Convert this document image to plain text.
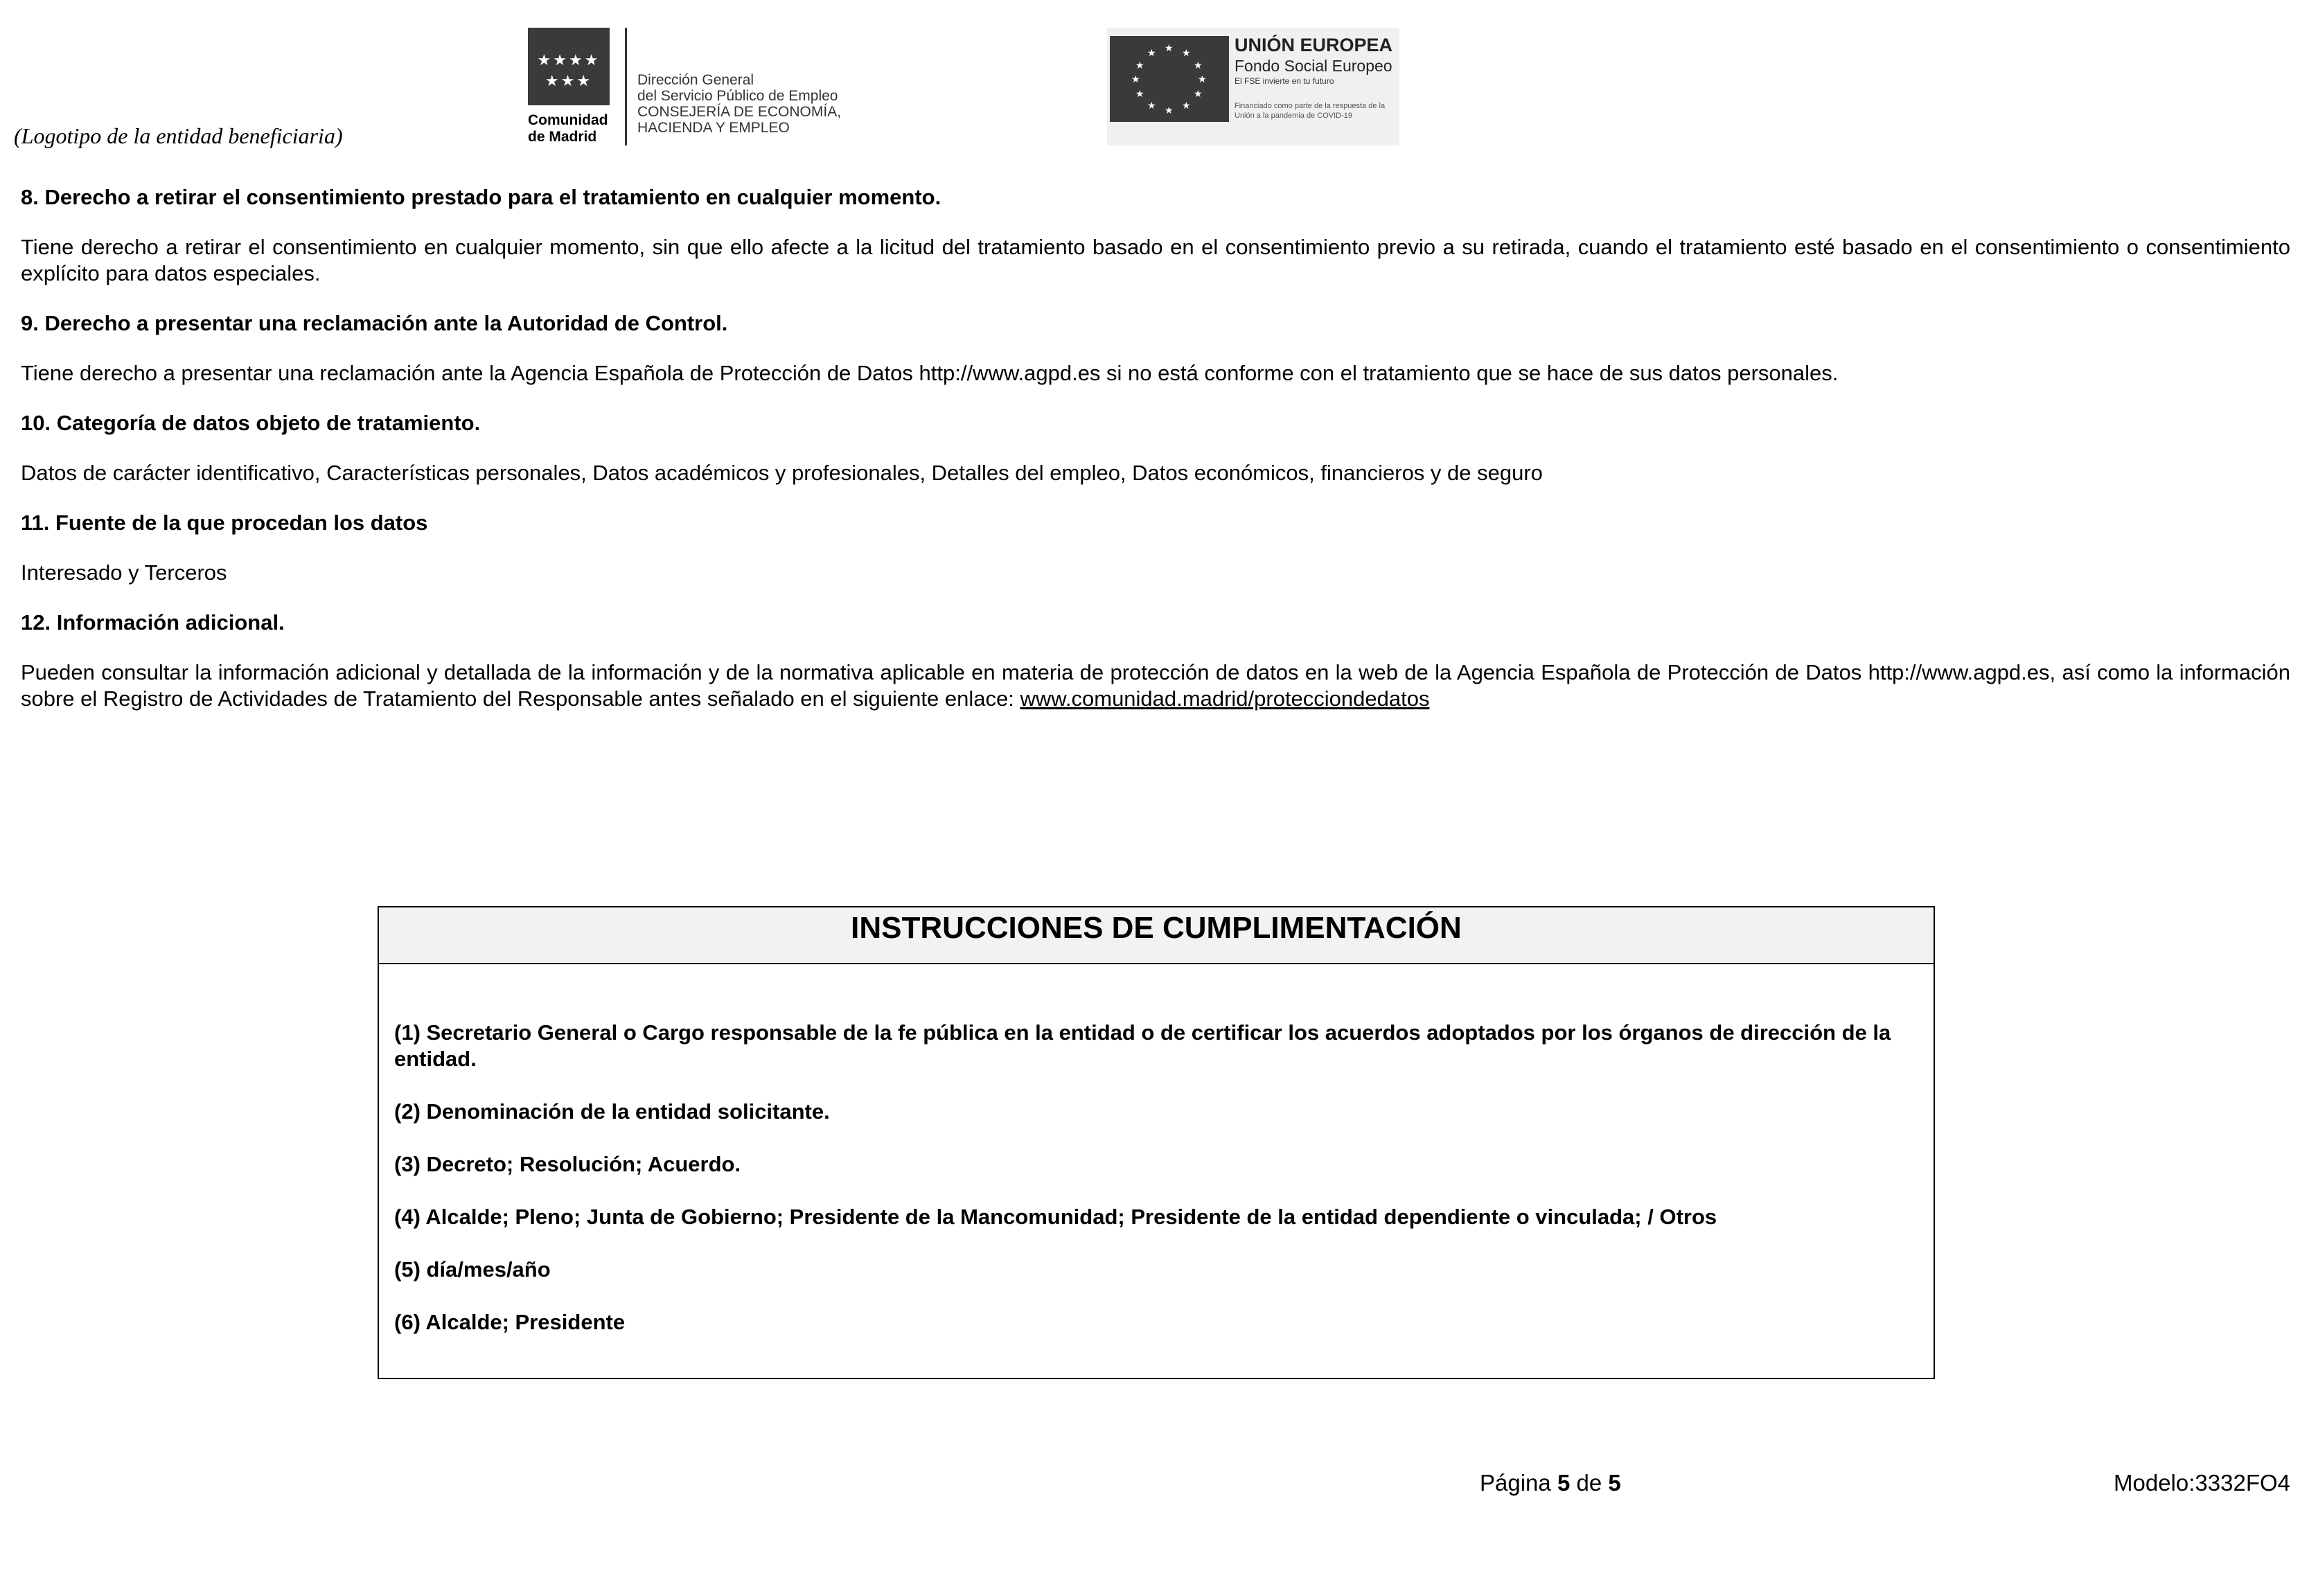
(Logotipo de la entidad beneficiaria)
★★★★ ★★★
Comunidad
de Madrid
Dirección General
del Servicio Público de Empleo
CONSEJERÍA DE ECONOMÍA,
HACIENDA Y EMPLEO
★ ★
★
★
★
★
★
★
★
★
★
★	UNIÓN EUROPEA
Fondo Social Europeo
El FSE invierte en tu futuro
Financiado como parte de la respuesta de la Unión a la pandemia de COVID-19
8. Derecho a retirar el consentimiento prestado para el tratamiento en cualquier momento.

Tiene derecho a retirar el consentimiento en cualquier momento, sin que ello afecte a la licitud del tratamiento basado en el consentimiento previo a su retirada, cuando el tratamiento esté basado en el consentimiento o consentimiento explícito para datos especiales.

9. Derecho a presentar una reclamación ante la Autoridad de Control.

Tiene derecho a presentar una reclamación ante la Agencia Española de Protección de Datos http://www.agpd.es si no está conforme con el tratamiento que se hace de sus datos personales.

10. Categoría de datos objeto de tratamiento.

Datos de carácter identificativo, Características personales, Datos académicos y profesionales, Detalles del empleo, Datos económicos, financieros y de seguro

11. Fuente de la que procedan los datos

Interesado y Terceros

12. Información adicional.

Pueden consultar la información adicional y detallada de la información y de la normativa aplicable en materia de protección de datos en la web de la Agencia Española de Protección de Datos http://www.agpd.es, así como la información sobre el Registro de Actividades de Tratamiento del Responsable antes señalado en el siguiente enlace: www.comunidad.madrid/protecciondedatos

INSTRUCCIONES DE CUMPLIMENTACIÓN
(1) Secretario General o Cargo responsable de la fe pública en la entidad o de certificar los acuerdos adoptados por los órganos de dirección de la entidad.
(2) Denominación de la entidad solicitante.
(3) Decreto; Resolución; Acuerdo.
(4) Alcalde; Pleno; Junta de Gobierno; Presidente de la Mancomunidad; Presidente de la entidad dependiente o vinculada; / Otros
(5) día/mes/año
(6) Alcalde; Presidente
Página 5 de 5	Modelo:3332FO4
